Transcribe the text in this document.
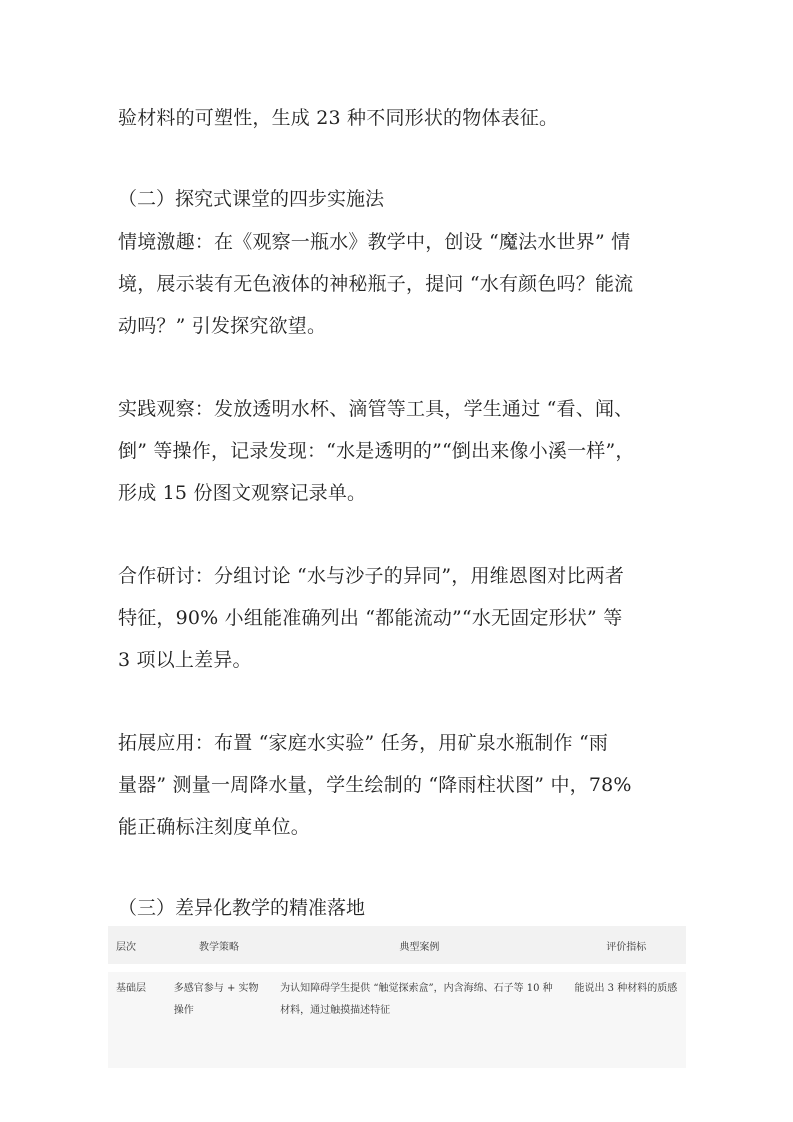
验材料的可塑性，生成 23 种不同形状的物体表征。
（二）探究式课堂的四步实施法
情境激趣：在《观察一瓶水》教学中，创设 “魔法水世界” 情
境，展示装有无色液体的神秘瓶子，提问 “水有颜色吗？能流
动吗？” 引发探究欲望。
实践观察：发放透明水杯、滴管等工具，学生通过 “看、闻、
倒” 等操作，记录发现：“水是透明的”“倒出来像小溪一样”，
形成 15 份图文观察记录单。
合作研讨：分组讨论 “水与沙子的异同”，用维恩图对比两者
特征，90% 小组能准确列出 “都能流动”“水无固定形状” 等
3 项以上差异。
拓展应用：布置 “家庭水实验” 任务，用矿泉水瓶制作 “雨
量器” 测量一周降水量，学生绘制的 “降雨柱状图” 中，78%
能正确标注刻度单位。
（三）差异化教学的精准落地
层次	教学策略	典型案例	评价指标
基础层	多感官参与 + 实物操作	为认知障碍学生提供 “触觉探索盒”，内含海绵、石子等 10 种材料，通过触摸描述特征	能说出 3 种材料的质感
